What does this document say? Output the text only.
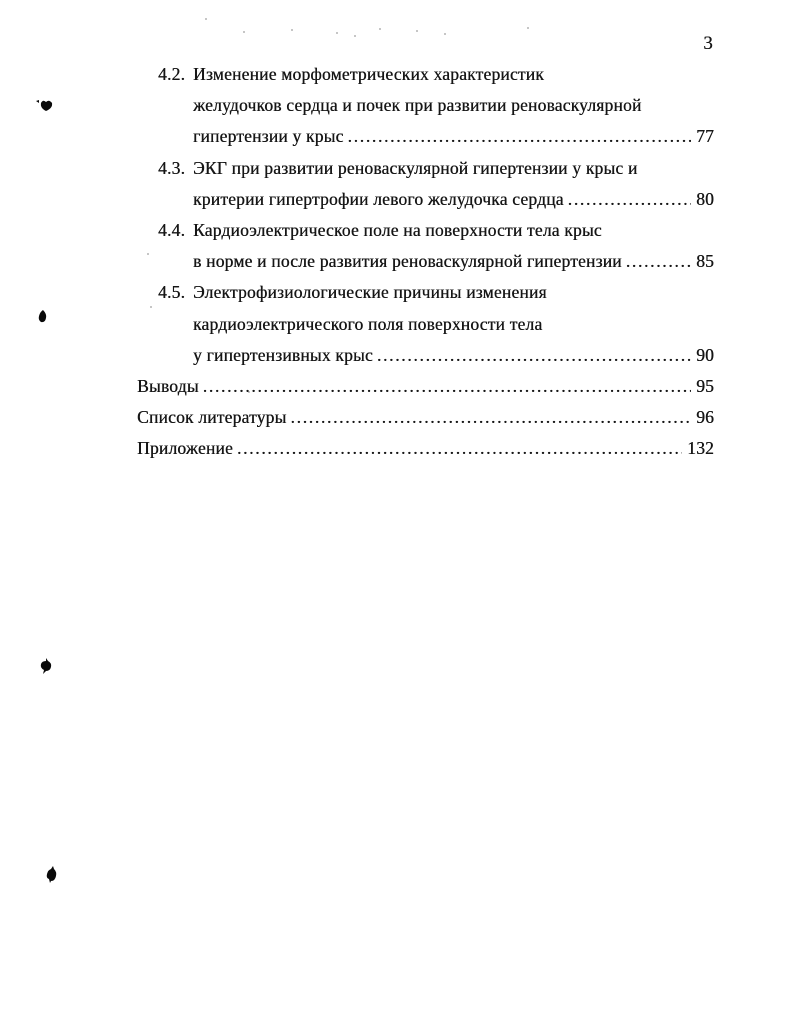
3
4.2. Изменение морфометрических характеристик
желудочков сердца и почек при развитии реноваскулярной
гипертензии у крыс .....	77
4.3. ЭКГ при развитии реноваскулярной гипертензии у крыс и
критерии гипертрофии левого желудочка сердца .....	80
4.4. Кардиоэлектрическое поле на поверхности тела крыс
в норме и после развития реноваскулярной гипертензии .....	85
4.5. Электрофизиологические причины изменения
кардиоэлектрического поля поверхности тела
у гипертензивных крыс .....	90
Выводы .....	95
Список литературы .....	96
Приложение .....	132
